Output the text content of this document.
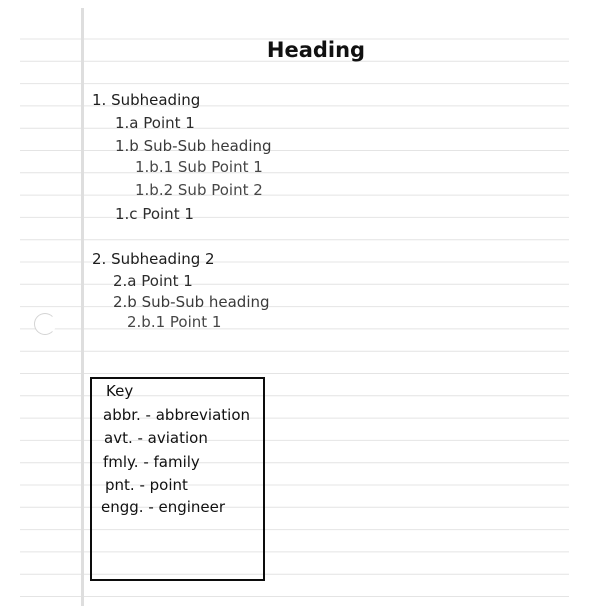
Heading
1. Subheading
1.a Point 1
1.b Sub-Sub heading
1.b.1 Sub Point 1
1.b.2 Sub Point 2
1.c Point 1
2. Subheading 2
2.a Point 1
2.b Sub-Sub heading
2.b.1 Point 1
Key
abbr. - abbreviation
avt. - aviation
fmly. - family
pnt. - point
engg. - engineer
